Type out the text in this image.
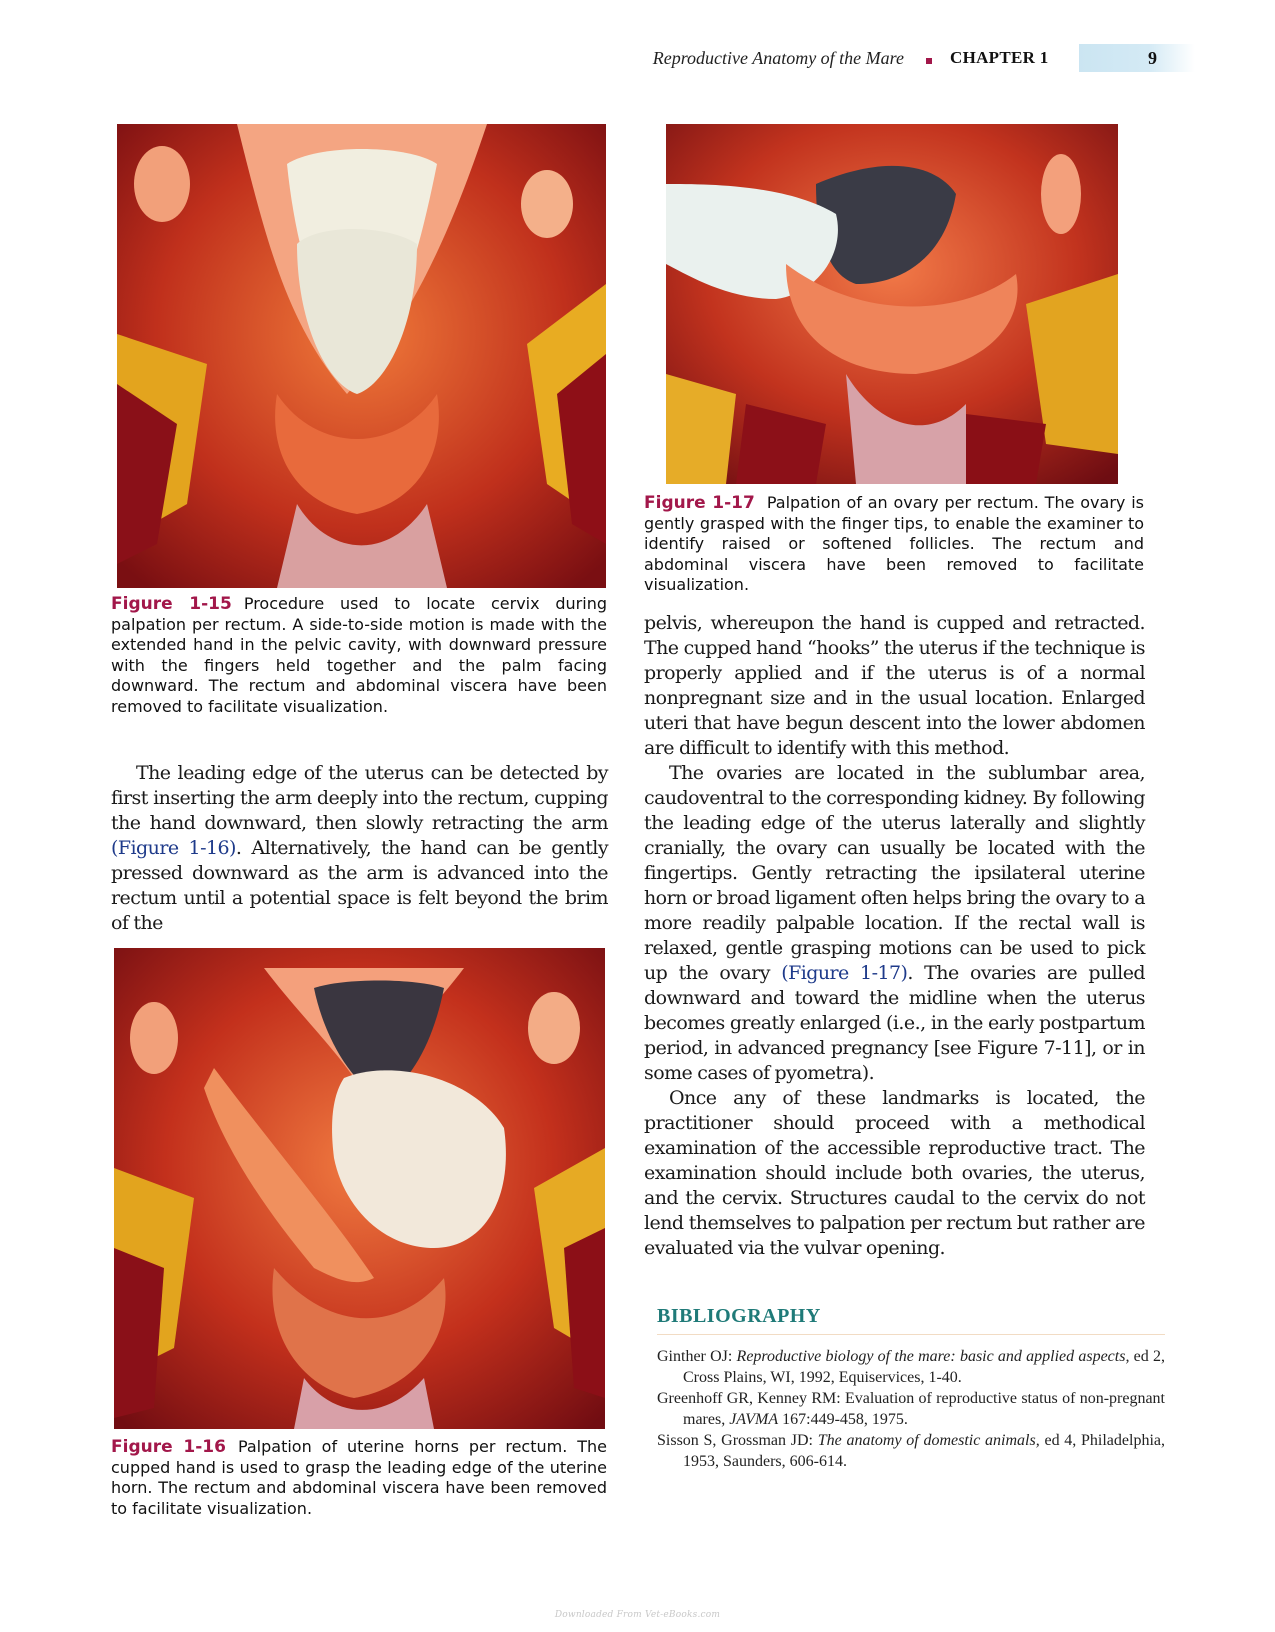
Reproductive Anatomy of the Mare	CHAPTER 1	9
Figure 1-17 Palpation of an ovary per rectum. The ovary is gently grasped with the finger tips, to enable the examiner to identify raised or softened follicles. The rectum and abdominal viscera have been removed to facilitate visualization.
Figure 1-15 Procedure used to locate cervix during palpation per rectum. A side-to-side motion is made with the extended hand in the pelvic cavity, with downward pressure with the fingers held together and the palm facing downward. The rectum and abdominal viscera have been removed to facilitate visualization.

The leading edge of the uterus can be detected by first inserting the arm deeply into the rectum, cupping the hand downward, then slowly retracting the arm (Figure 1-16). Alternatively, the hand can be gently pressed downward as the arm is advanced into the rectum until a potential space is felt beyond the brim of the

pelvis, whereupon the hand is cupped and retracted. The cupped hand “hooks” the uterus if the technique is properly applied and if the uterus is of a normal nonpregnant size and in the usual location. Enlarged uteri that have begun descent into the lower abdomen are difficult to identify with this method.

The ovaries are located in the sublumbar area, caudoventral to the corresponding kidney. By following the leading edge of the uterus laterally and slightly cranially, the ovary can usually be located with the fingertips. Gently retracting the ipsilateral uterine horn or broad ligament often helps bring the ovary to a more readily palpable location. If the rectal wall is relaxed, gentle grasping motions can be used to pick up the ovary (Figure 1-17). The ovaries are pulled downward and toward the midline when the uterus becomes greatly enlarged (i.e., in the early postpartum period, in advanced pregnancy [see Figure 7-11], or in some cases of pyometra).

Once any of these landmarks is located, the practitioner should proceed with a methodical examination of the accessible reproductive tract. The examination should include both ovaries, the uterus, and the cervix. Structures caudal to the cervix do not lend themselves to palpation per rectum but rather are evaluated via the vulvar opening.

Figure 1-16 Palpation of uterine horns per rectum. The cupped hand is used to grasp the leading edge of the uterine horn. The rectum and abdominal viscera have been removed to facilitate visualization.
BIBLIOGRAPHY

Ginther OJ: Reproductive biology of the mare: basic and applied aspects, ed 2, Cross Plains, WI, 1992, Equiservices, 1-40.

Greenhoff GR, Kenney RM: Evaluation of reproductive status of non-pregnant mares, JAVMA 167:449-458, 1975.

Sisson S, Grossman JD: The anatomy of domestic animals, ed 4, Philadelphia, 1953, Saunders, 606-614.

Downloaded From Vet-eBooks.com
